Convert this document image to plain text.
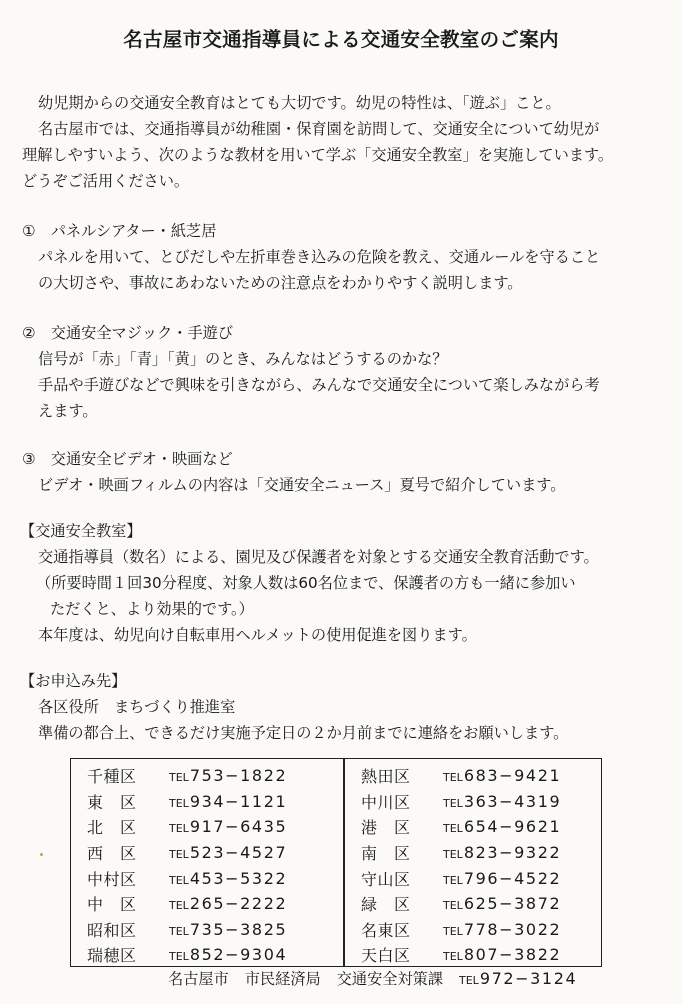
名古屋市交通指導員による交通安全教室のご案内
幼児期からの交通安全教育はとても大切です。幼児の特性は、「遊ぶ」こと。
名古屋市では、交通指導員が幼稚園・保育園を訪問して、交通安全について幼児が
理解しやすいよう、次のような教材を用いて学ぶ「交通安全教室」を実施しています。
どうぞご活用ください。
①　パネルシアター・紙芝居
パネルを用いて、とびだしや左折車巻き込みの危険を教え、交通ルールを守ること
の大切さや、事故にあわないための注意点をわかりやすく説明します。
②　交通安全マジック・手遊び
信号が「赤」「青」「黄」のとき、みんなはどうするのかな？
手品や手遊びなどで興味を引きながら、みんなで交通安全について楽しみながら考
えます。
③　交通安全ビデオ・映画など
ビデオ・映画フィルムの内容は「交通安全ニュース」夏号で紹介しています。
【交通安全教室】
交通指導員（数名）による、園児及び保護者を対象とする交通安全教育活動です。
（所要時間１回30分程度、対象人数は60名位まで、保護者の方も一緒に参加い
ただくと、より効果的です。）
本年度は、幼児向け自転車用ヘルメットの使用促進を図ります。
【お申込み先】
各区役所　まちづくり推進室
準備の都合上、できるだけ実施予定日の２か月前までに連絡をお願いします。
千種区	TEL753−1822
東　区	TEL934−1121
北　区	TEL917−6435
西　区	TEL523−4527
中村区	TEL453−5322
中　区	TEL265−2222
昭和区	TEL735−3825
瑞穂区	TEL852−9304
熱田区	TEL683−9421
中川区	TEL363−4319
港　区	TEL654−9621
南　区	TEL823−9322
守山区	TEL796−4522
緑　区	TEL625−3872
名東区	TEL778−3022
天白区	TEL807−3822
名古屋市 市民経済局 交通安全対策課 TEL972−3124
